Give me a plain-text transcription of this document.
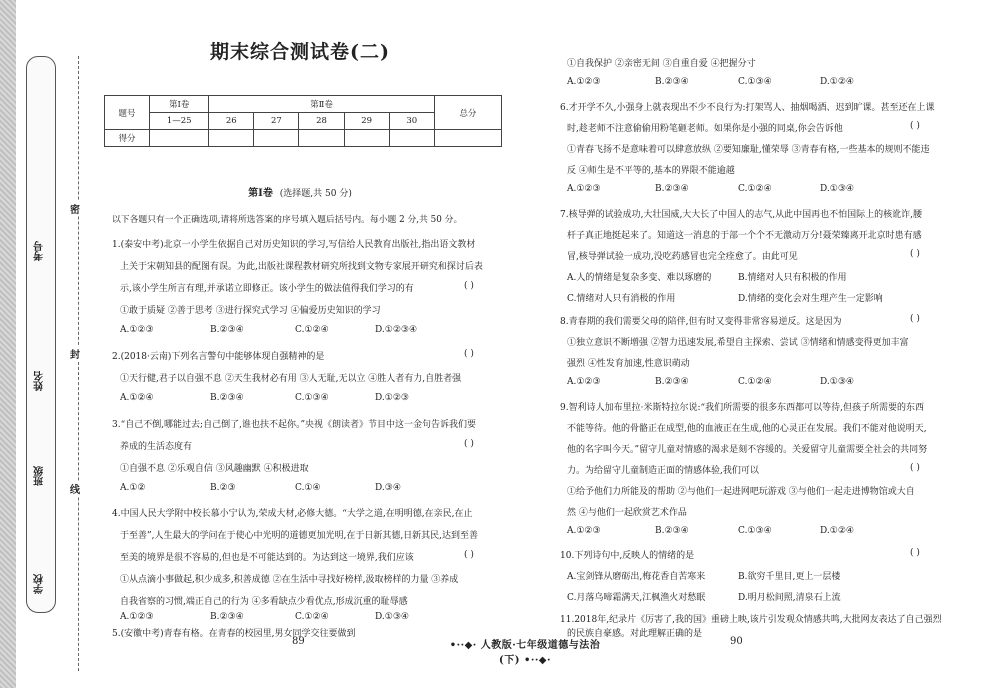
考号
姓名
班级
学校
密
封
线
期末综合测试卷(二)
题号	第Ⅰ卷	第Ⅱ卷					总分
	1—25	26	27	28	29	30	
得分							
第Ⅰ卷 (选择题,共 50 分)
以下各题只有一个正确选项,请将所选答案的序号填入题后括号内。每小题 2 分,共 50 分。
1.(泰安中考)北京一小学生依据自己对历史知识的学习,写信给人民教育出版社,指出语文教材
上关于宋朝知县的配图有误。为此,出版社课程教材研究所找到文物专家展开研究和探讨后表
示,该小学生所言有理,并承诺立即修正。该小学生的做法值得我们学习的有	( )
①敢于质疑 ②善于思考 ③进行探究式学习 ④偏爱历史知识的学习
A.①②③	B.②③④	C.①②④	D.①②③④
2.(2018·云南)下列名言警句中能够体现自强精神的是	( )
①天行健,君子以自强不息 ②天生我材必有用 ③人无耻,无以立 ④胜人者有力,自胜者强
A.①②④	B.②③④	C.①③④	D.①②③
3.“自己不倒,哪能过去;自己倒了,谁也扶不起你。”央视《朗读者》节目中这一金句告诉我们要
养成的生活态度有	( )
①自强不息 ②乐观自信 ③风趣幽默 ④积极进取
A.①②	B.②③	C.①④	D.③④
4.中国人民大学附中校长慕小宁认为,荣成大材,必修大德。“大学之道,在明明德,在亲民,在止
于至善”,人生最大的学问在于使心中光明的道德更加光明,在于日新其德,日新其民,达到至善
至美的境界是很不容易的,但也是不可能达到的。为达到这一境界,我们应该	( )
①从点滴小事做起,积少成多,积善成德 ②在生活中寻找好榜样,汲取榜样的力量 ③养成
自我省察的习惯,端正自己的行为 ④多看缺点少看优点,形成沉重的耻辱感
A.①②③	B.②③④	C.①②④	D.①③④
5.(安徽中考)青春有格。在青春的校园里,男女同学交往要做到
①自我保护 ②亲密无间 ③自重自爱 ④把握分寸
A.①②③	B.②③④	C.①③④	D.①②④
6.才开学不久,小强身上就表现出不少不良行为:打架骂人、抽烟喝酒、迟到旷课。甚至还在上课
时,趁老师不注意偷偷用粉笔砸老师。如果你是小强的同桌,你会告诉他	( )
①青春飞扬不是意味着可以肆意放纵 ②要知廉耻,懂荣辱 ③青春有格,一些基本的规则不能违
反 ④师生是不平等的,基本的界限不能逾越
A.①②③	B.②③④	C.①②④	D.①③④
7.核导弹的试验成功,大壮国威,大大长了中国人的志气,从此中国再也不怕国际上的核讹诈,腰
杆子真正地挺起来了。知道这一消息的于部一个个不无激动万分!聂荣臻离开北京时患有感
冒,核导弹试验一成功,没吃药感冒也完全痊愈了。由此可见	( )
A.人的情绪是复杂多变、难以琢磨的	B.情绪对人只有积极的作用
C.情绪对人只有消极的作用	D.情绪的变化会对生理产生一定影响
8.青春期的我们需要父母的陪伴,但有时又变得非常容易逆反。这是因为	( )
①独立意识不断增强 ②智力迅速发展,希望自主探索、尝试 ③情绪和情感变得更加丰富
强烈 ④性发育加速,性意识萌动
A.①②③	B.②③④	C.①②④	D.①③④
9.智利诗人加布里拉·米斯特拉尔说:“我们所需要的很多东西都可以等待,但孩子所需要的东西
不能等待。他的骨骼正在成型,他的血液正在生成,他的心灵正在发展。我们不能对他说明天,
他的名字叫今天。”留守儿童对情感的渴求是刻不容缓的。关爱留守儿童需要全社会的共同努
力。为给留守儿童制造正面的情感体验,我们可以	( )
①给予他们力所能及的帮助 ②与他们一起进网吧玩游戏 ③与他们一起走进博物馆或大自
然 ④与他们一起欣赏艺术作品
A.①②③	B.②③④	C.①③④	D.①②④
10.下列诗句中,反映人的情绪的是	( )
A.宝剑锋从磨砺出,梅花香自苦寒来	B.欲穷千里目,更上一层楼
C.月落乌啼霜满天,江枫渔火对愁眠	D.明月松间照,清泉石上流
11.2018年,纪录片《厉害了,我的国》重磅上映,该片引发观众情感共鸣,大批网友表达了自己强烈
的民族自豪感。对此理解正确的是
89	90
•··◆· 人教版·七年级道德与法治(下) •··◆·
